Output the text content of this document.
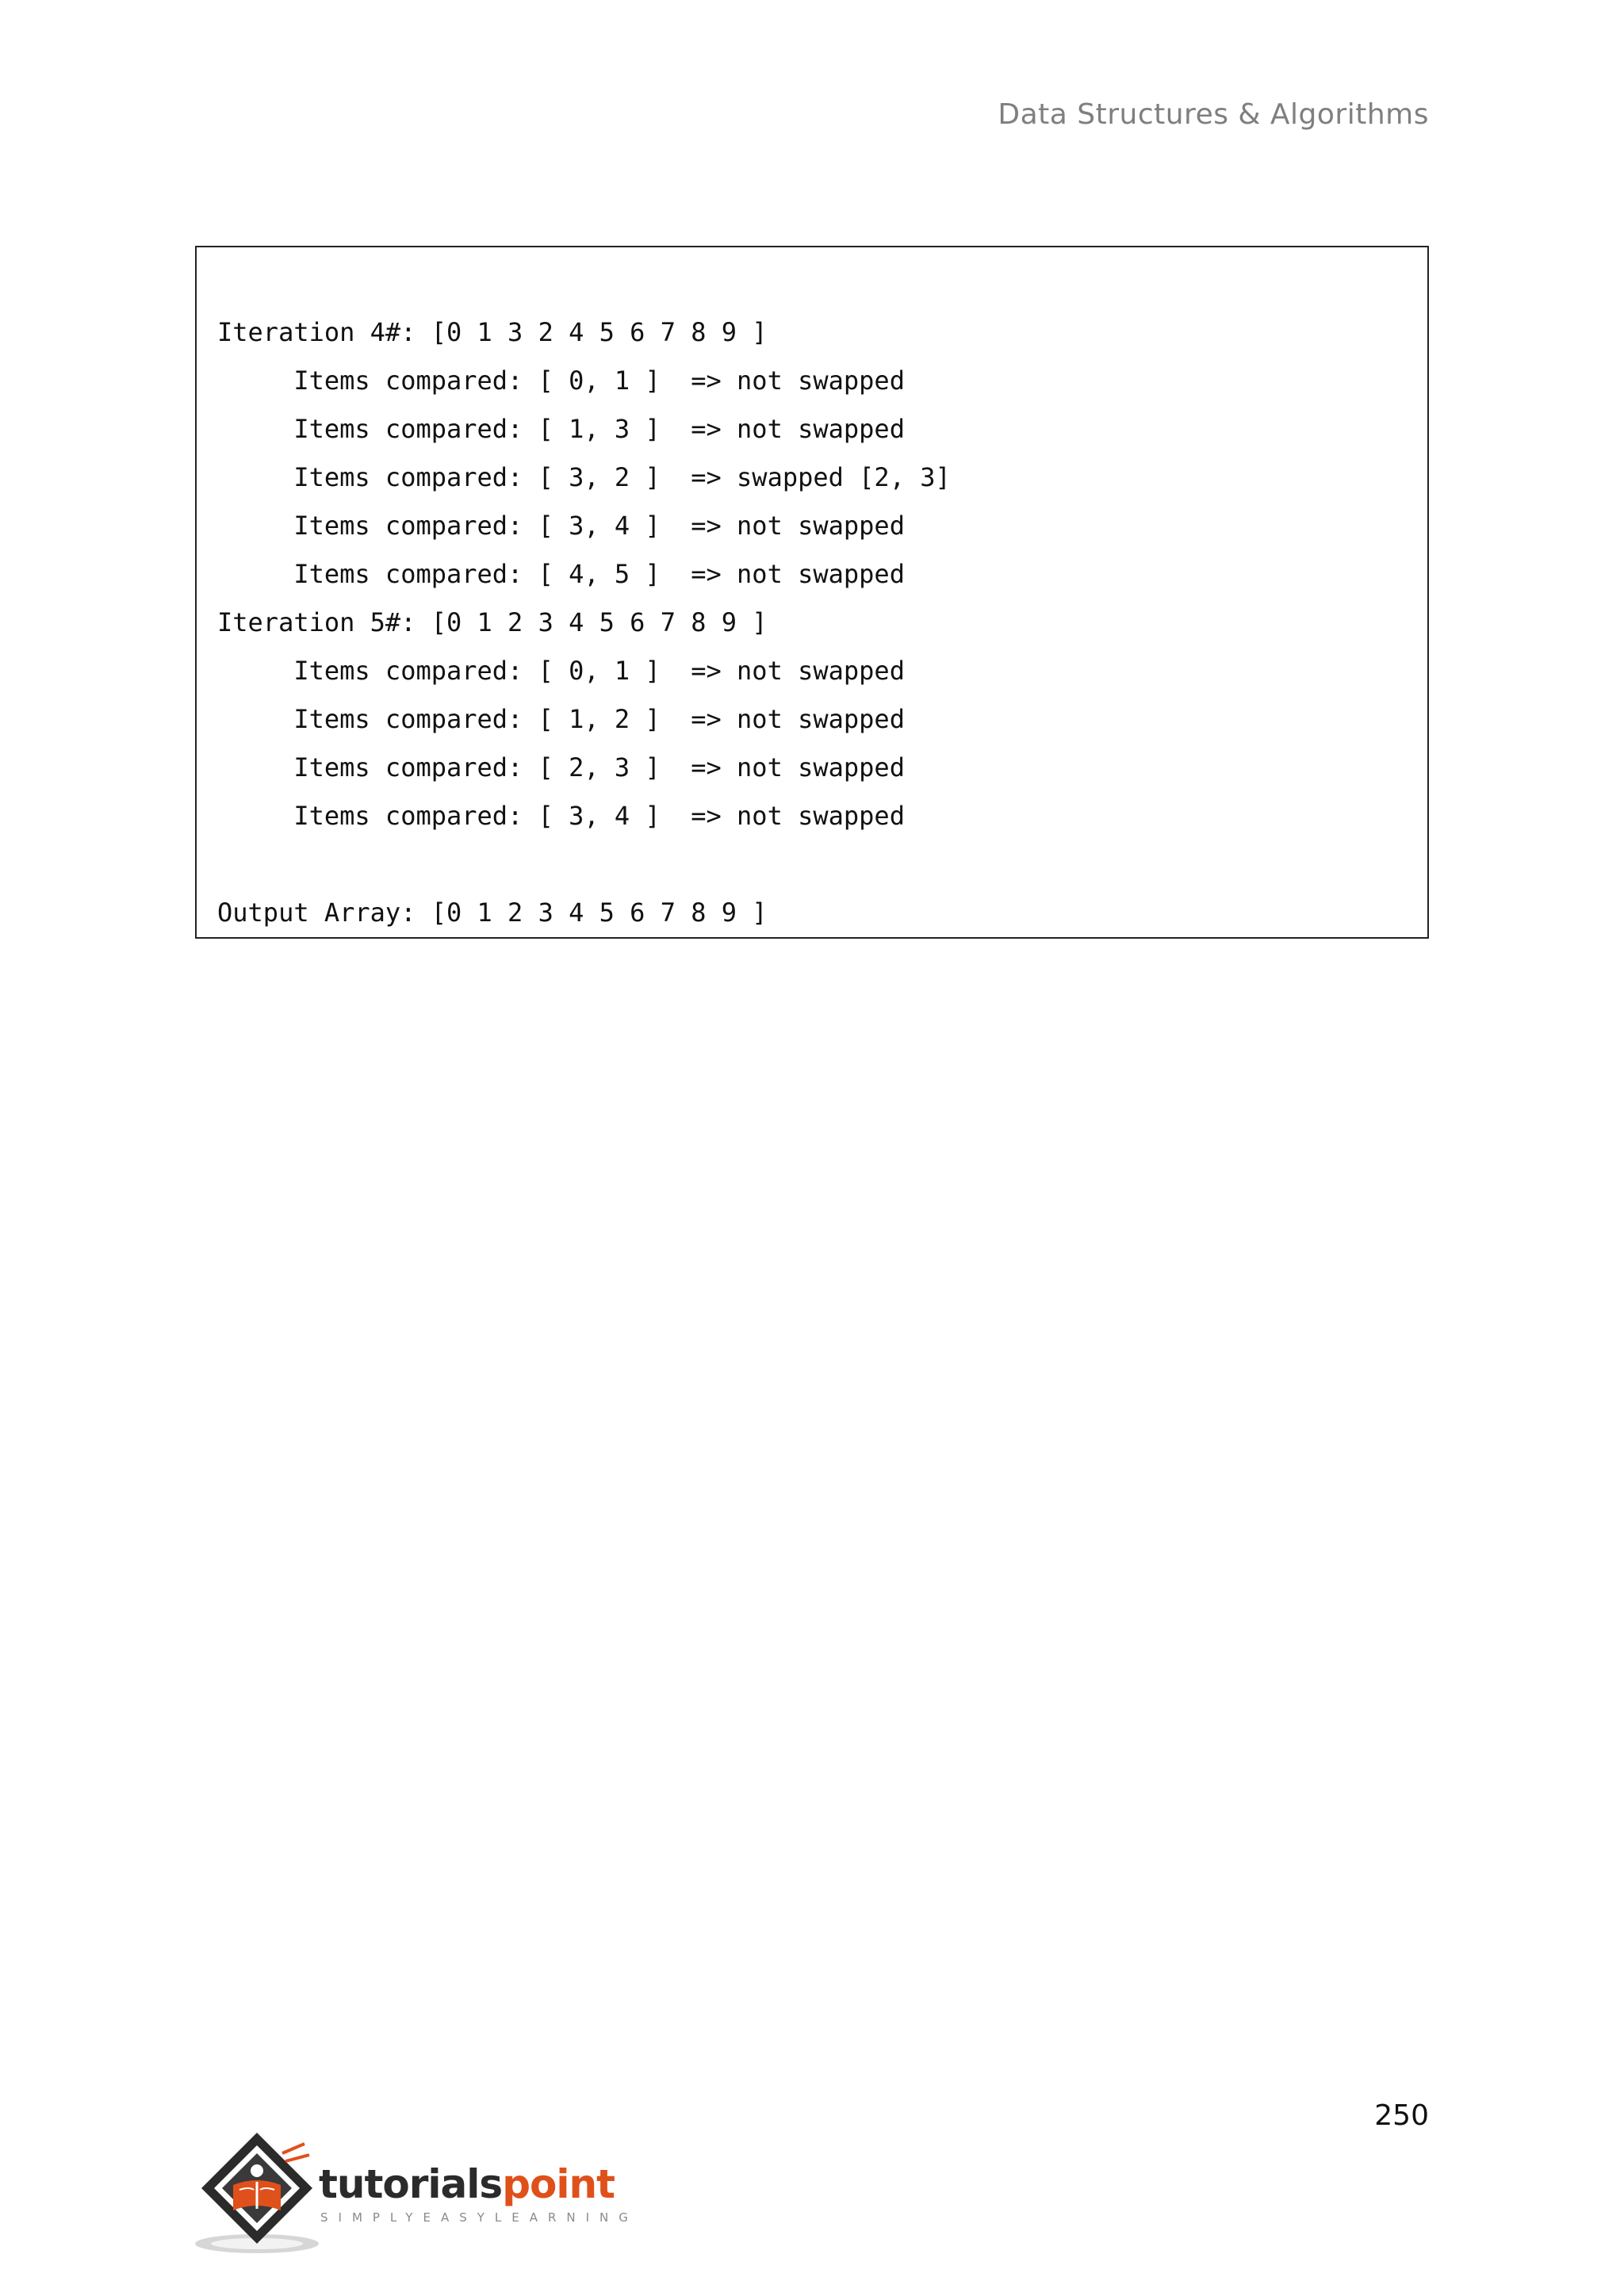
Data Structures & Algorithms
Iteration 4#: [0 1 3 2 4 5 6 7 8 9 ]
Items compared: [ 0, 1 ]  => not swapped
Items compared: [ 1, 3 ]  => not swapped
Items compared: [ 3, 2 ]  => swapped [2, 3]
Items compared: [ 3, 4 ]  => not swapped
Items compared: [ 4, 5 ]  => not swapped
Iteration 5#: [0 1 2 3 4 5 6 7 8 9 ]
Items compared: [ 0, 1 ]  => not swapped
Items compared: [ 1, 2 ]  => not swapped
Items compared: [ 2, 3 ]  => not swapped
Items compared: [ 3, 4 ]  => not swapped
Output Array: [0 1 2 3 4 5 6 7 8 9 ]
250
tutorialspoint
SIMPLYEASYLEARNING
